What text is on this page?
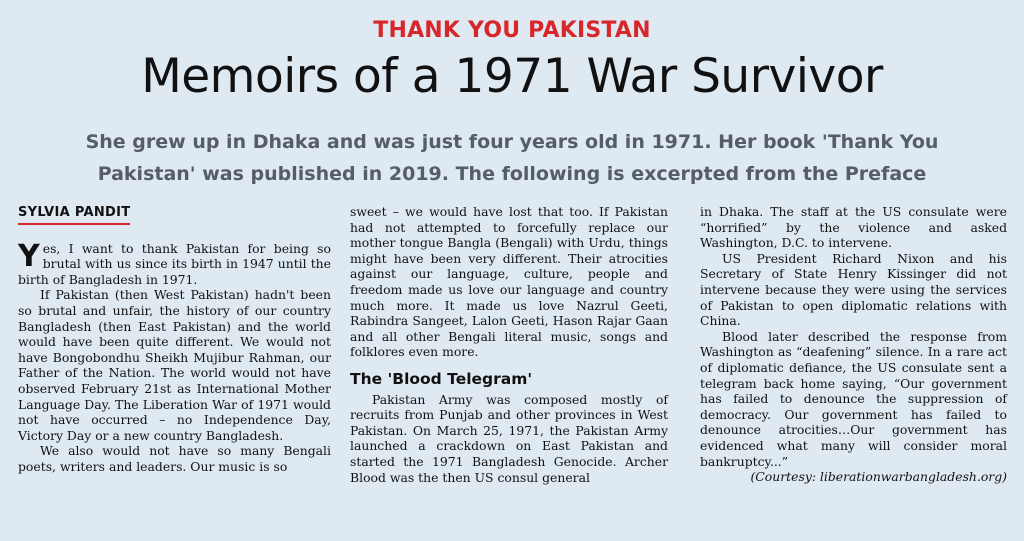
THANK YOU PAKISTAN
Memoirs of a 1971 War Survivor
She grew up in Dhaka and was just four years old in 1971. Her book 'Thank You Pakistan' was published in 2019. The following is excerpted from the Preface
SYLVIA PANDIT

Yes, I want to thank Pakistan for being so brutal with us since its birth in 1947 until the birth of Bangladesh in 1971.

If Pakistan (then West Pakistan) hadn't been so brutal and unfair, the history of our country Bangladesh (then East Pakistan) and the world would have been quite different. We would not have Bongobondhu Sheikh Mujibur Rahman, our Father of the Nation. The world would not have observed February 21st as International Mother Language Day. The Liberation War of 1971 would not have occurred – no Independence Day, Victory Day or a new country Bangladesh.

We also would not have so many Bengali poets, writers and leaders. Our music is so

sweet – we would have lost that too. If Pakistan had not attempted to forcefully replace our mother tongue Bangla (Bengali) with Urdu, things might have been very different. Their atrocities against our language, culture, people and freedom made us love our language and country much more. It made us love Nazrul Geeti, Rabindra Sangeet, Lalon Geeti, Hason Rajar Gaan and all other Bengali literal music, songs and folklores even more.

The 'Blood Telegram'

Pakistan Army was composed mostly of recruits from Punjab and other provinces in West Pakistan. On March 25, 1971, the Pakistan Army launched a crackdown on East Pakistan and started the 1971 Bangladesh Genocide. Archer Blood was the then US consul general

in Dhaka. The staff at the US consulate were “horrified” by the violence and asked Washington, D.C. to intervene.

US President Richard Nixon and his Secretary of State Henry Kissinger did not intervene because they were using the services of Pakistan to open diplomatic relations with China.

Blood later described the response from Washington as “deafening” silence. In a rare act of diplomatic defiance, the US consulate sent a telegram back home saying, “Our government has failed to denounce the suppression of democracy. Our government has failed to denounce atrocities…Our government has evidenced what many will consider moral bankruptcy...”

(Courtesy: liberationwarbangladesh.org)
